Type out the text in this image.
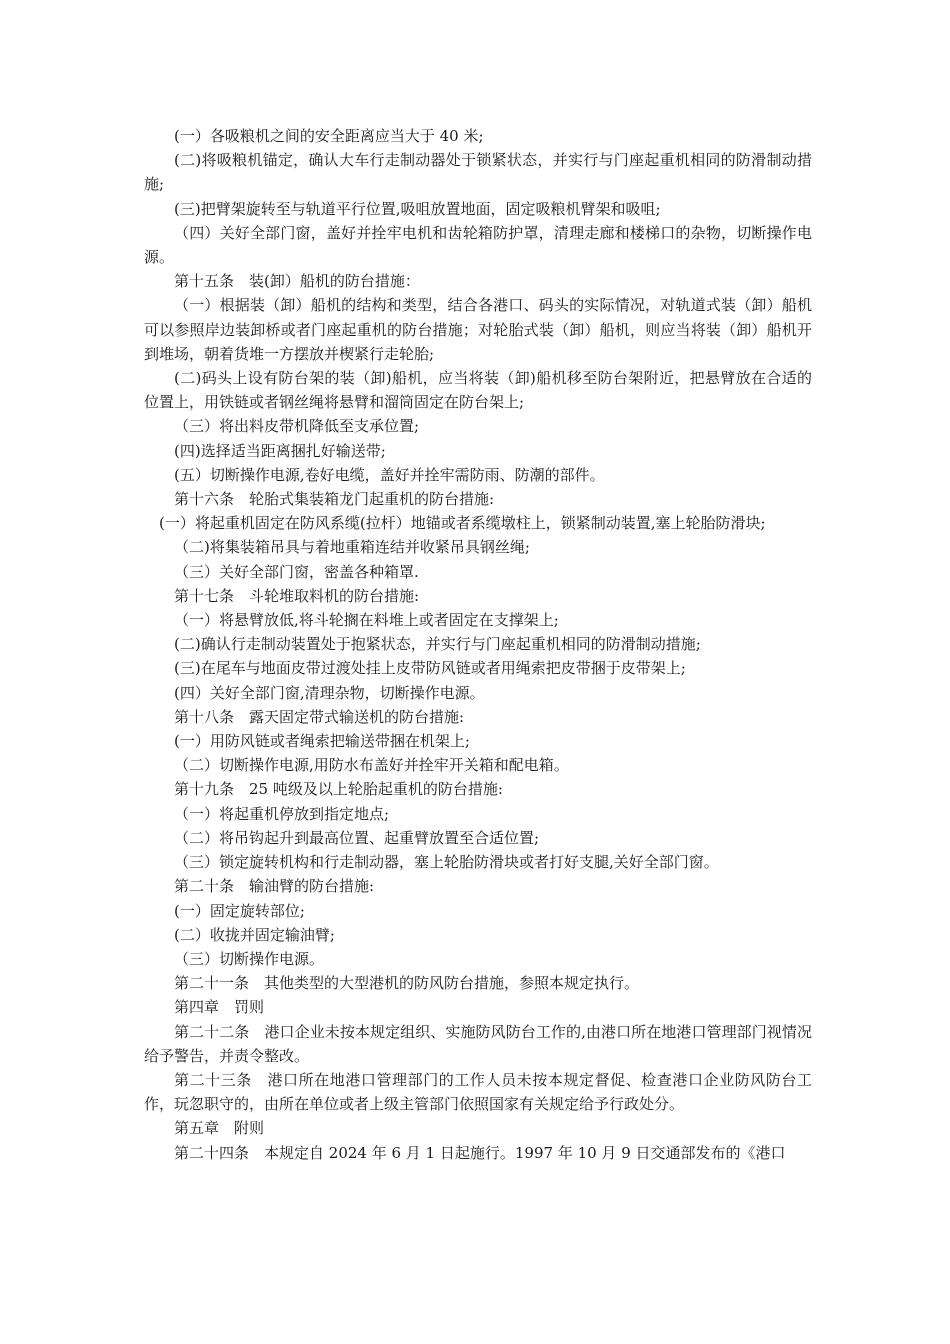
(一）各吸粮机之间的安全距离应当大于 40 米;

(二)将吸粮机锚定，确认大车行走制动器处于锁紧状态，并实行与门座起重机相同的防滑制动措施;

(三)把臂架旋转至与轨道平行位置,吸咀放置地面，固定吸粮机臂架和吸咀;

（四）关好全部门窗，盖好并拴牢电机和齿轮箱防护罩，清理走廊和楼梯口的杂物，切断操作电源。

第十五条　装(卸）船机的防台措施：

（一）根据装（卸）船机的结构和类型，结合各港口、码头的实际情况，对轨道式装（卸）船机可以参照岸边装卸桥或者门座起重机的防台措施；对轮胎式装（卸）船机，则应当将装（卸）船机开到堆场，朝着货堆一方摆放并楔紧行走轮胎;

(二)码头上设有防台架的装（卸)船机，应当将装（卸)船机移至防台架附近，把悬臂放在合适的位置上，用铁链或者钢丝绳将悬臂和溜筒固定在防台架上;

（三）将出料皮带机降低至支承位置;

(四)选择适当距离捆扎好输送带;

(五）切断操作电源,卷好电缆，盖好并拴牢需防雨、防潮的部件。

第十六条　轮胎式集装箱龙门起重机的防台措施:

(一）将起重机固定在防风系缆(拉杆）地锚或者系缆墩柱上，锁紧制动装置,塞上轮胎防滑块;

（二)将集装箱吊具与着地重箱连结并收紧吊具钢丝绳;

（三）关好全部门窗，密盖各种箱罩.

第十七条　斗轮堆取料机的防台措施:

（一）将悬臂放低,将斗轮搁在料堆上或者固定在支撑架上;

(二)确认行走制动装置处于抱紧状态，并实行与门座起重机相同的防滑制动措施;

(三)在尾车与地面皮带过渡处挂上皮带防风链或者用绳索把皮带捆于皮带架上;

(四）关好全部门窗,清理杂物，切断操作电源。

第十八条　露天固定带式输送机的防台措施:

(一）用防风链或者绳索把输送带捆在机架上;

（二）切断操作电源,用防水布盖好并拴牢开关箱和配电箱。

第十九条　25 吨级及以上轮胎起重机的防台措施:

（一）将起重机停放到指定地点;

（二）将吊钩起升到最高位置、起重臂放置至合适位置;

（三）锁定旋转机构和行走制动器，塞上轮胎防滑块或者打好支腿,关好全部门窗。

第二十条　输油臂的防台措施:

(一）固定旋转部位;

(二）收拢并固定输油臂;

（三）切断操作电源。

第二十一条　其他类型的大型港机的防风防台措施，参照本规定执行。

第四章　罚则

第二十二条　港口企业未按本规定组织、实施防风防台工作的,由港口所在地港口管理部门视情况给予警告，并责令整改。

第二十三条　港口所在地港口管理部门的工作人员未按本规定督促、检查港口企业防风防台工作，玩忽职守的，由所在单位或者上级主管部门依照国家有关规定给予行政处分。

第五章　附则

第二十四条　本规定自 2024 年 6 月 1 日起施行。1997 年 10 月 9 日交通部发布的《港口
